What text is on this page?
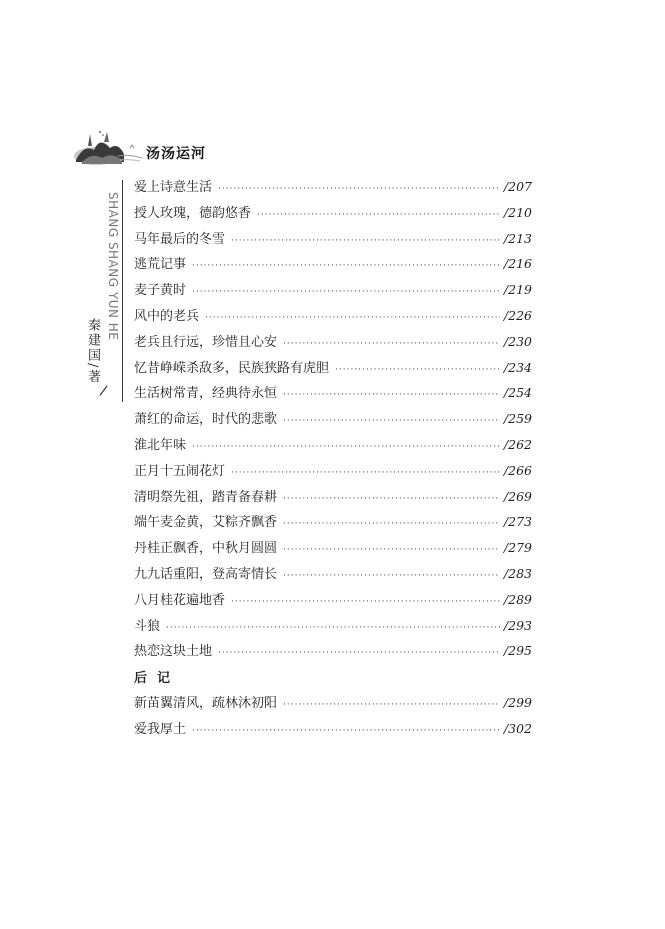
汤汤运河
SHANG SHANG YUN HE
秦建国/著
/
爱上诗意生活 ·····	/207
授人玫瑰，德韵悠香 ·····	/210
马年最后的冬雪 ·····	/213
逃荒记事 ·····	/216
麦子黄时 ·····	/219
风中的老兵 ·····	/226
老兵且行远，珍惜且心安 ·····	/230
忆昔峥嵘杀敌多，民族狭路有虎胆 ·····	/234
生活树常青，经典待永恒 ·····	/254
萧红的命运，时代的悲歌 ·····	/259
淮北年味 ·····	/262
正月十五闹花灯 ·····	/266
清明祭先祖，踏青备春耕 ·····	/269
端午麦金黄，艾粽齐飘香 ·····	/273
丹桂正飘香，中秋月圆圆 ·····	/279
九九话重阳，登高寄情长 ·····	/283
八月桂花遍地香 ·····	/289
斗狼 ·····	/293
热恋这块土地 ·····	/295
后记
新苗翼清风，疏林沐初阳 ·····	/299
爱我厚土 ·····	/302
